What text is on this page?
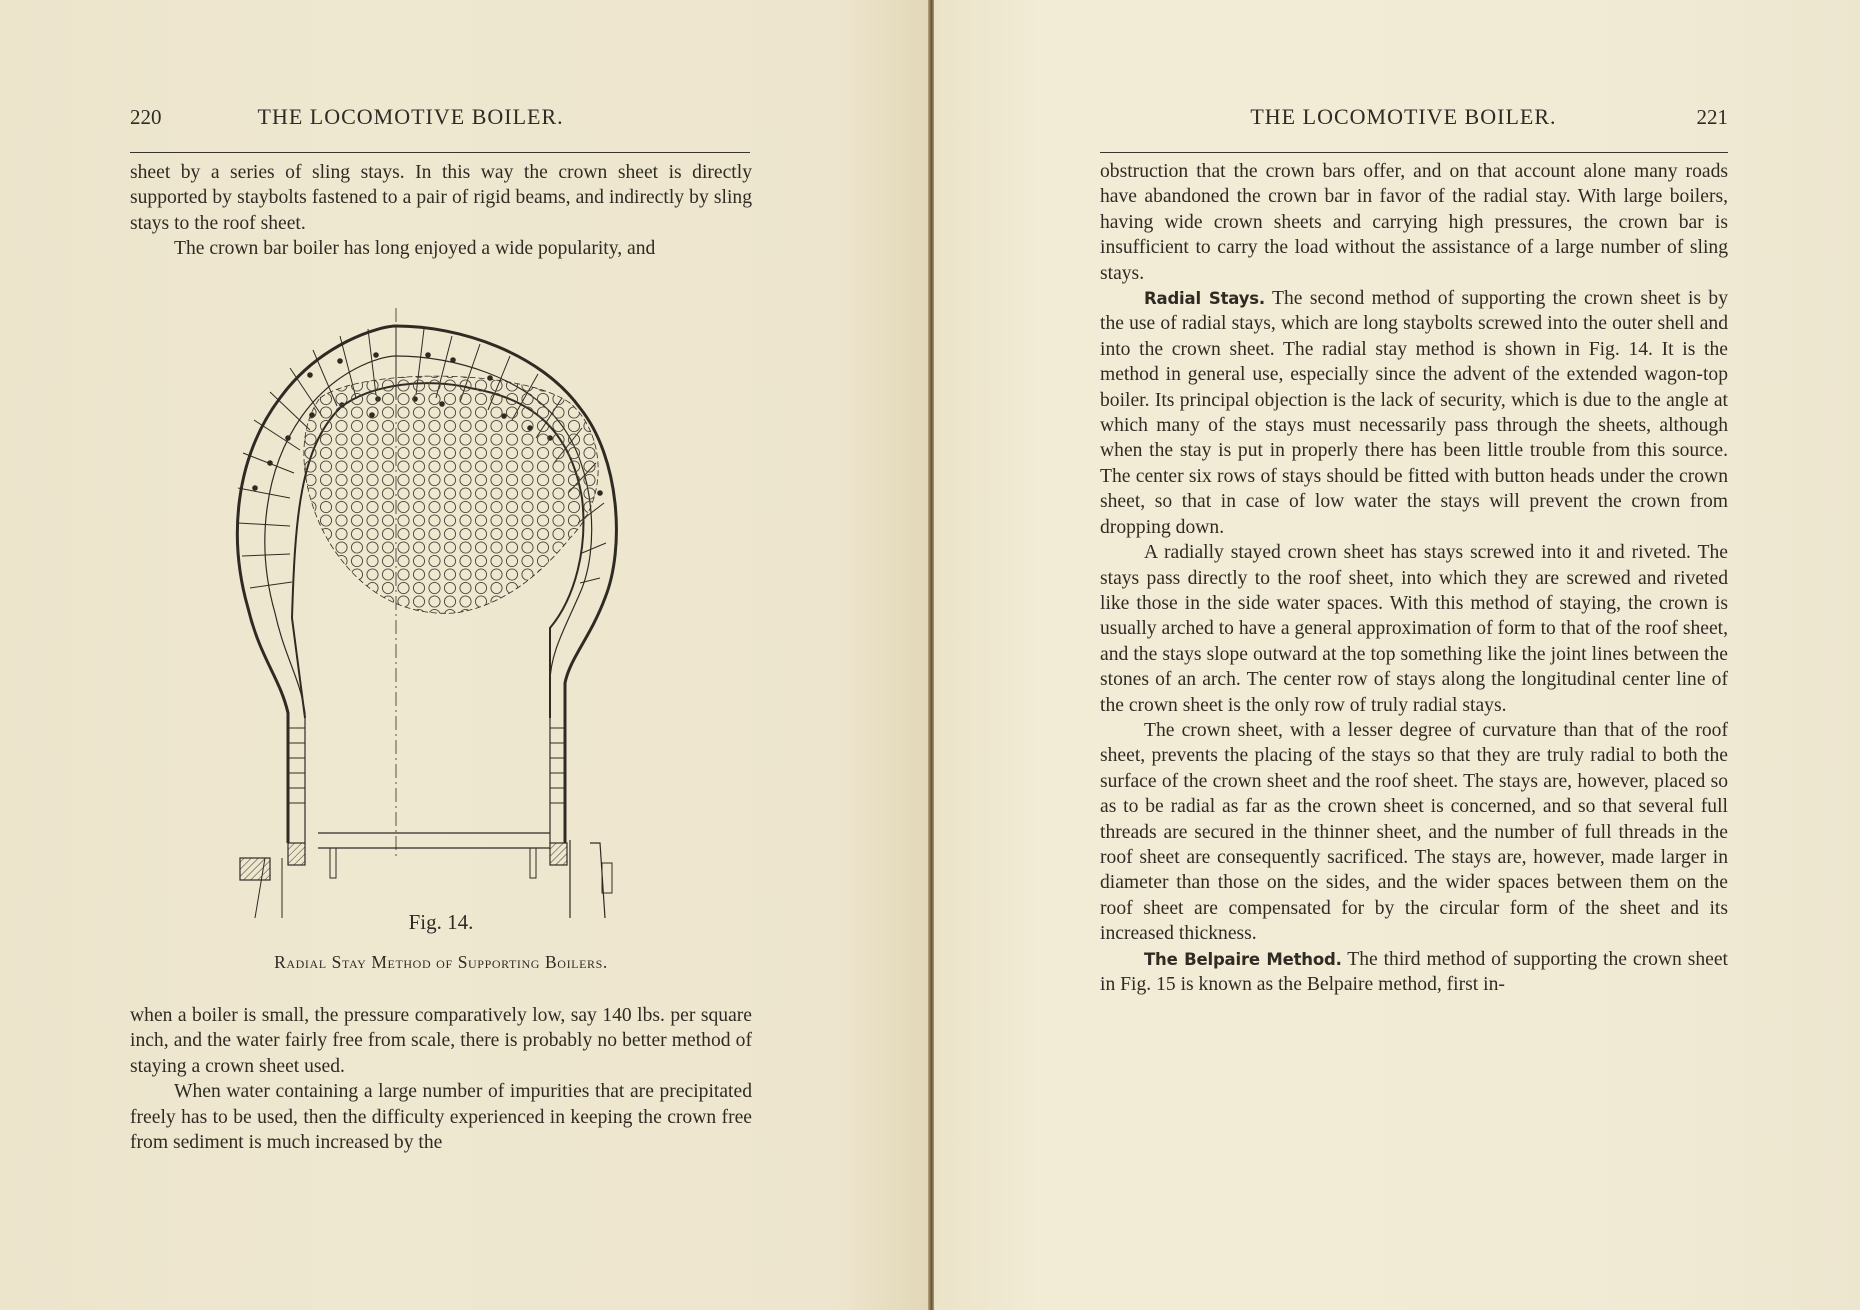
220	THE LOCOMOTIVE BOILER.

sheet by a series of sling stays. In this way the crown sheet is directly supported by staybolts fastened to a pair of rigid beams, and indirectly by sling stays to the roof sheet.

The crown bar boiler has long enjoyed a wide popularity, and

THE LOCOMOTIVE BOILER.	221
Fig. 14.
Radial Stay Method of Supporting Boilers.

when a boiler is small, the pressure comparatively low, say 140 lbs. per square inch, and the water fairly free from scale, there is probably no better method of staying a crown sheet used.

When water containing a large number of impurities that are precipitated freely has to be used, then the difficulty experienced in keeping the crown free from sediment is much increased by the

obstruction that the crown bars offer, and on that account alone many roads have abandoned the crown bar in favor of the radial stay. With large boilers, having wide crown sheets and carrying high pressures, the crown bar is insufficient to carry the load without the assistance of a large number of sling stays.

Radial Stays. The second method of supporting the crown sheet is by the use of radial stays, which are long staybolts screwed into the outer shell and into the crown sheet. The radial stay method is shown in Fig. 14. It is the method in general use, especially since the advent of the extended wagon-top boiler. Its principal objection is the lack of security, which is due to the angle at which many of the stays must necessarily pass through the sheets, although when the stay is put in properly there has been little trouble from this source. The center six rows of stays should be fitted with button heads under the crown sheet, so that in case of low water the stays will prevent the crown from dropping down.

A radially stayed crown sheet has stays screwed into it and riveted. The stays pass directly to the roof sheet, into which they are screwed and riveted like those in the side water spaces. With this method of staying, the crown is usually arched to have a general approximation of form to that of the roof sheet, and the stays slope outward at the top something like the joint lines between the stones of an arch. The center row of stays along the longitudinal center line of the crown sheet is the only row of truly radial stays.

The crown sheet, with a lesser degree of curvature than that of the roof sheet, prevents the placing of the stays so that they are truly radial to both the surface of the crown sheet and the roof sheet. The stays are, however, placed so as to be radial as far as the crown sheet is concerned, and so that several full threads are secured in the thinner sheet, and the number of full threads in the roof sheet are consequently sacrificed. The stays are, however, made larger in diameter than those on the sides, and the wider spaces between them on the roof sheet are compensated for by the circular form of the sheet and its increased thickness.

The Belpaire Method. The third method of supporting the crown sheet in Fig. 15 is known as the Belpaire method, first in-
